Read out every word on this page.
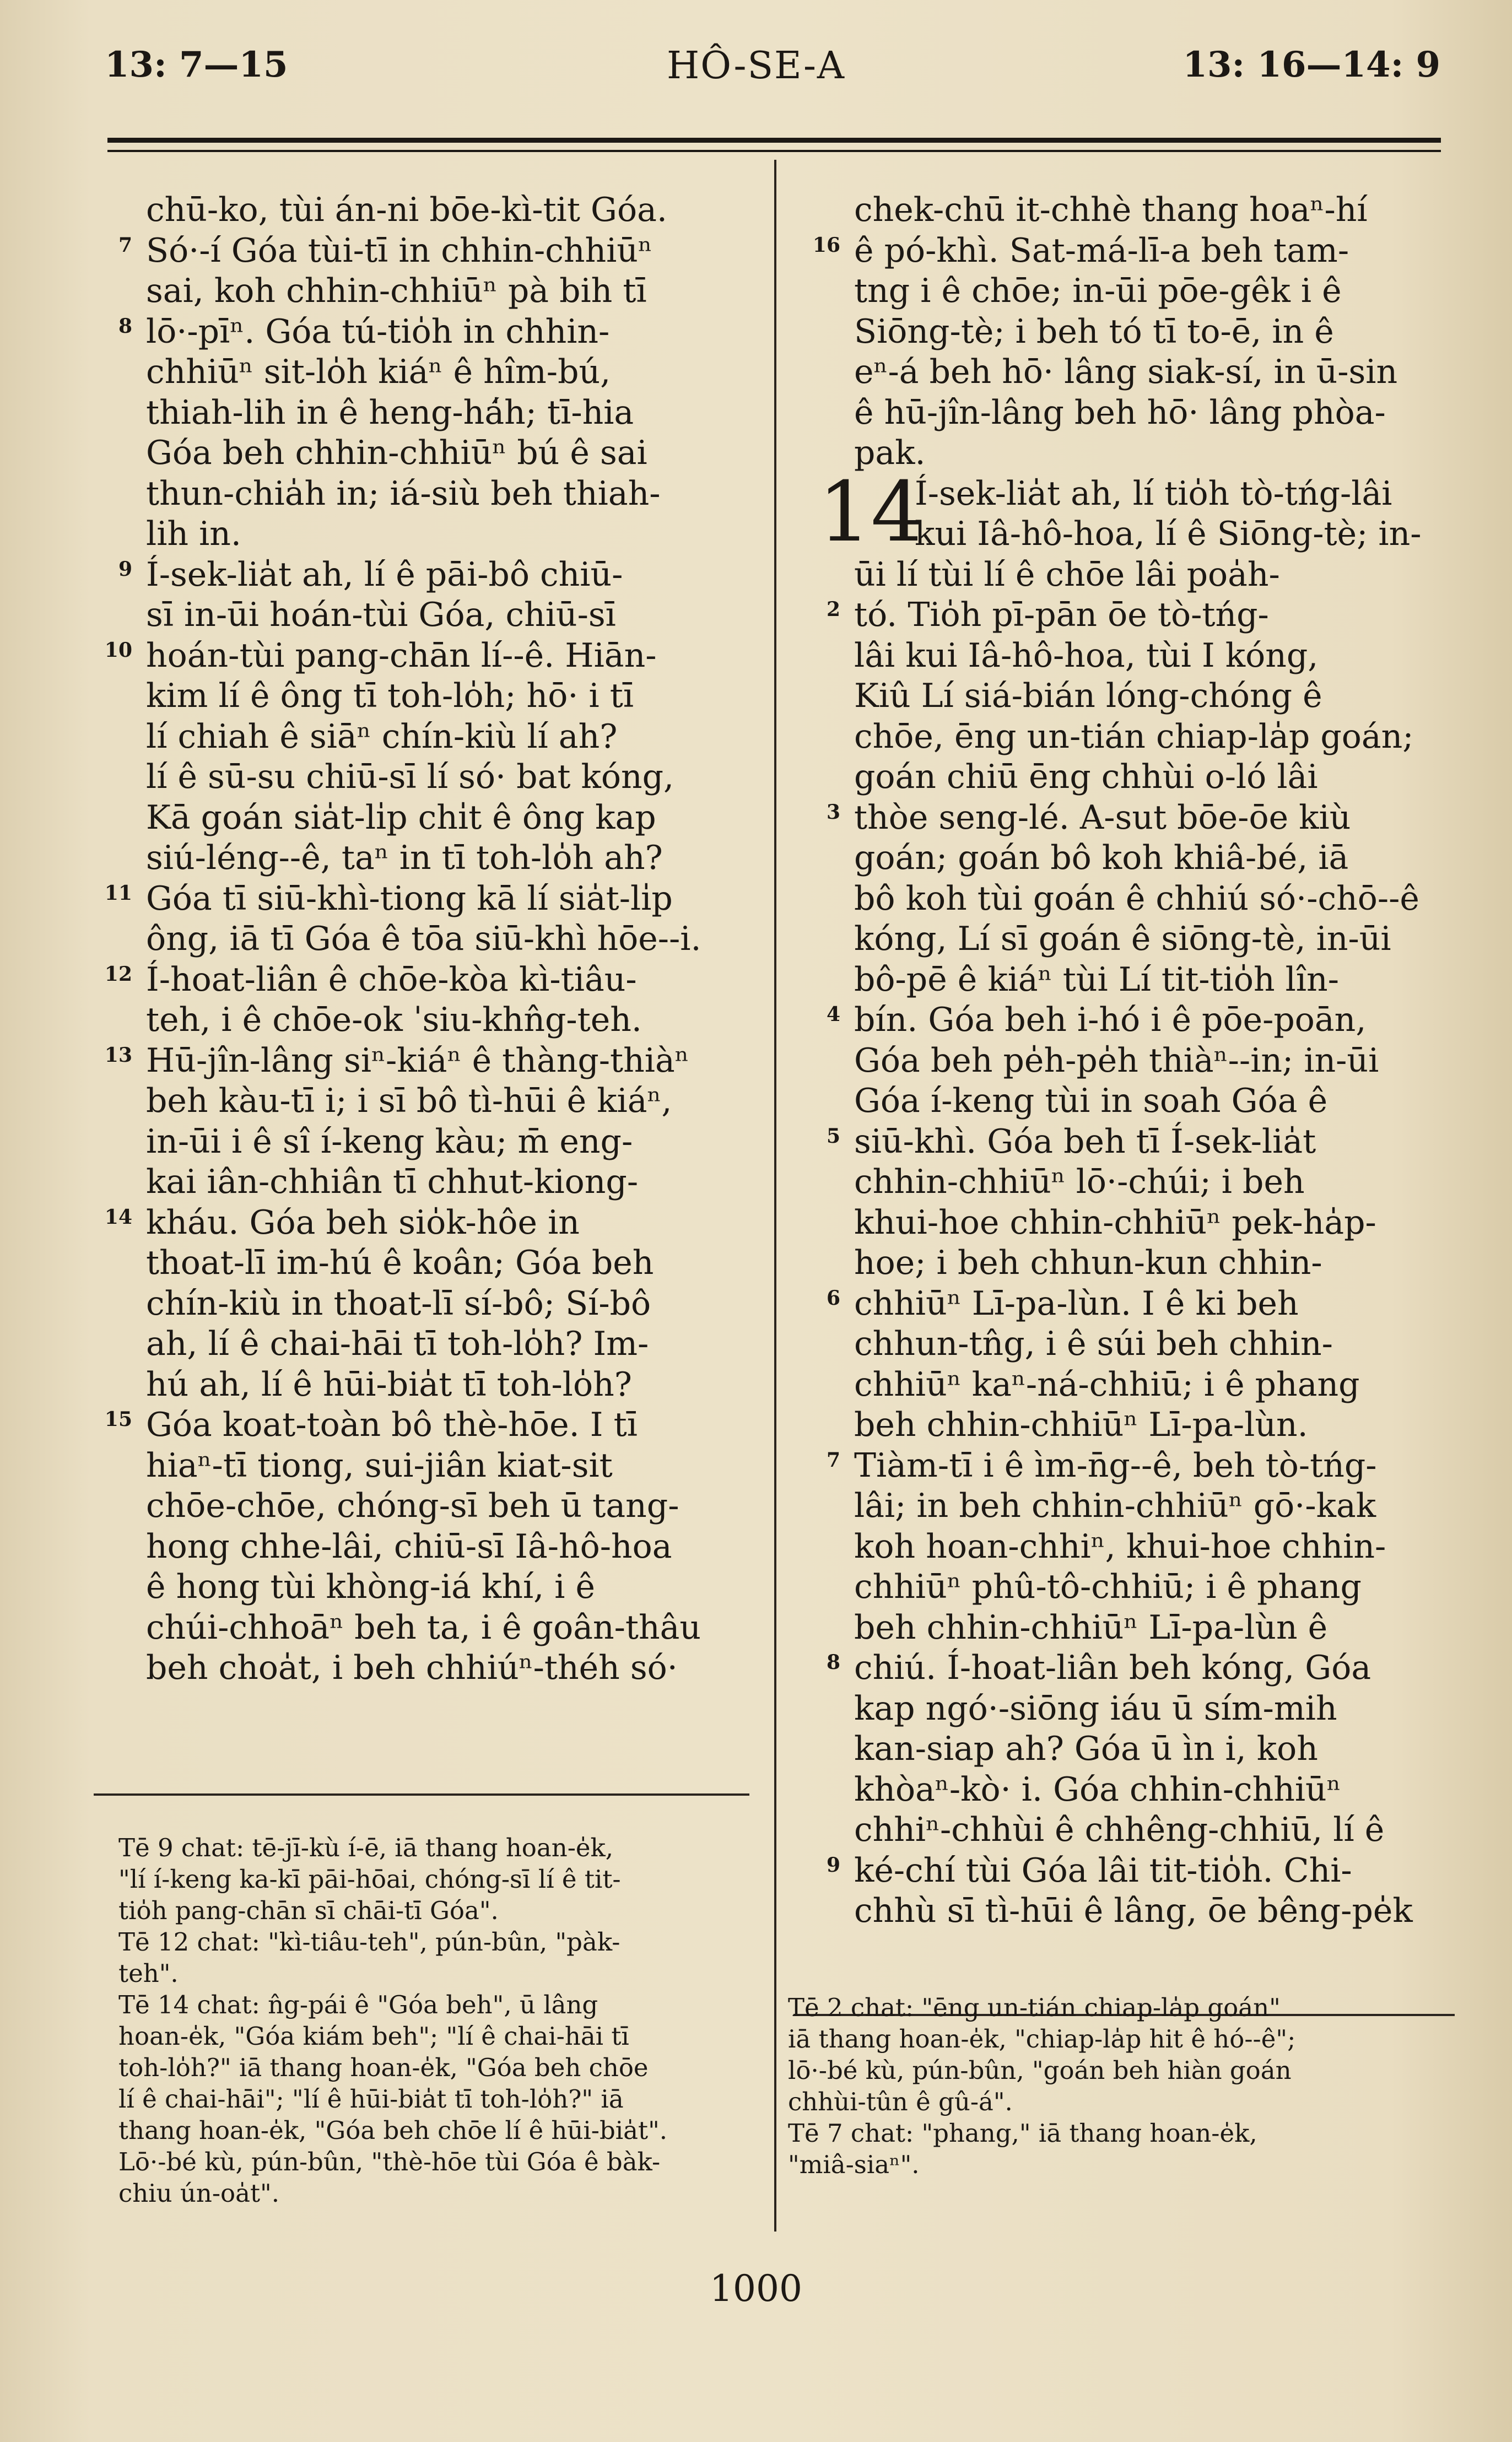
13: 7—15	HÔ-SE-A	13: 16—14: 9
chū-ko, tùi án-ni bōe-kì-tit Góa.
7 Só·-í Góa tùi-tī in chhin-chhiūⁿ
sai, koh chhin-chhiūⁿ pà bih tī
8 lō·-pīⁿ. Góa tú-tio̍h in chhin-
chhiūⁿ sit-lo̍h kiáⁿ ê hîm-bú,
thiah-lih in ê heng-há̍h; tī-hia
Góa beh chhin-chhiūⁿ bú ê sai
thun-chia̍h in; iá-siù beh thiah-
lih in.
9 Í-sek-lia̍t ah, lí ê pāi-bô chiū-
sī in-ūi hoán-tùi Góa, chiū-sī
10 hoán-tùi pang-chān lí--ê. Hiān-
kim lí ê ông tī toh-lo̍h; hō· i tī
lí chiah ê siāⁿ chín-kiù lí ah?
lí ê sū-su chiū-sī lí só· bat kóng,
Kā goán sia̍t-li̍p chi̍t ê ông kap
siú-léng--ê, taⁿ in tī toh-lo̍h ah?
11 Góa tī siū-khì-tiong kā lí sia̍t-li̍p
ông, iā tī Góa ê tōa siū-khì hōe--i.
12 Í-hoat-liân ê chōe-kòa kì-tiâu-
teh, i ê chōe-ok ˈsiu-khn̂g-teh.
13 Hū-jîn-lâng siⁿ-kiáⁿ ê thàng-thiàⁿ
beh kàu-tī i; i sī bô tì-hūi ê kiáⁿ,
in-ūi i ê sî í-keng kàu; m̄ eng-
kai iân-chhiân tī chhut-kiong-
14 kháu. Góa beh sio̍k-hôe in
thoat-lī im-hú ê koân; Góa beh
chín-kiù in thoat-lī sí-bô; Sí-bô
ah, lí ê chai-hāi tī toh-lo̍h? Im-
hú ah, lí ê hūi-bia̍t tī toh-lo̍h?
15 Góa koat-toàn bô thè-hōe. I tī
hiaⁿ-tī tiong, sui-jiân kiat-sit
chōe-chōe, chóng-sī beh ū tang-
hong chhe-lâi, chiū-sī Iâ-hô-hoa
ê hong tùi khòng-iá khí, i ê
chúi-chhoāⁿ beh ta, i ê goân-thâu
beh choa̍t, i beh chhiúⁿ-théh só·
chek-chū it-chhè thang hoaⁿ-hí
16 ê pó-khì. Sat-má-lī-a beh tam-
tng i ê chōe; in-ūi pōe-gêk i ê
Siōng-tè; i beh tó tī to-ē, in ê
eⁿ-á beh hō· lâng siak-sí, in ū-sin
ê hū-jîn-lâng beh hō· lâng phòa-
pak.
14
Í-sek-lia̍t ah, lí tio̍h tò-tńg-lâi
kui Iâ-hô-hoa, lí ê Siōng-tè; in-
ūi lí tùi lí ê chōe lâi poa̍h-
2 tó. Tio̍h pī-pān ōe tò-tńg-
lâi kui Iâ-hô-hoa, tùi I kóng,
Kiû Lí siá-bián lóng-chóng ê
chōe, ēng un-tián chiap-la̍p goán;
goán chiū ēng chhùi o-ló lâi
3 thòe seng-lé. A-sut bōe-ōe kiù
goán; goán bô koh khiâ-bé, iā
bô koh tùi goán ê chhiú só·-chō--ê
kóng, Lí sī goán ê siōng-tè, in-ūi
bô-pē ê kiáⁿ tùi Lí tit-tio̍h lîn-
4 bín. Góa beh i-hó i ê pōe-poān,
Góa beh pe̍h-pe̍h thiàⁿ--in; in-ūi
Góa í-keng tùi in soah Góa ê
5 siū-khì. Góa beh tī Í-sek-lia̍t
chhin-chhiūⁿ lō·-chúi; i beh
khui-hoe chhin-chhiūⁿ pek-ha̍p-
hoe; i beh chhun-kun chhin-
6 chhiūⁿ Lī-pa-lùn. I ê ki beh
chhun-tn̂g, i ê súi beh chhin-
chhiūⁿ kaⁿ-ná-chhiū; i ê phang
beh chhin-chhiūⁿ Lī-pa-lùn.
7 Tiàm-tī i ê ìm-n̄g--ê, beh tò-tńg-
lâi; in beh chhin-chhiūⁿ gō·-kak
koh hoan-chhiⁿ, khui-hoe chhin-
chhiūⁿ phû-tô-chhiū; i ê phang
beh chhin-chhiūⁿ Lī-pa-lùn ê
8 chiú. Í-hoat-liân beh kóng, Góa
kap ngó·-siōng iáu ū sím-mih
kan-siap ah? Góa ū ìn i, koh
khòaⁿ-kò· i. Góa chhin-chhiūⁿ
chhiⁿ-chhùi ê chhêng-chhiū, lí ê
9 ké-chí tùi Góa lâi tit-tio̍h. Chi-
chhù sī tì-hūi ê lâng, ōe bêng-pe̍k
Tē 9 chat: tē-jī-kù í-ē, iā thang hoan-e̍k,
"lí í-keng ka-kī pāi-hōai, chóng-sī lí ê tit-
tio̍h pang-chān sī chāi-tī Góa".
Tē 12 chat: "kì-tiâu-teh", pún-bûn, "pàk-
teh".
Tē 14 chat: n̂g-pái ê "Góa beh", ū lâng
hoan-e̍k, "Góa kiám beh"; "lí ê chai-hāi tī
toh-lo̍h?" iā thang hoan-e̍k, "Góa beh chōe
lí ê chai-hāi"; "lí ê hūi-bia̍t tī toh-lo̍h?" iā
thang hoan-e̍k, "Góa beh chōe lí ê hūi-bia̍t".
Lō·-bé kù, pún-bûn, "thè-hōe tùi Góa ê bàk-
chiu ún-oa̍t".
Tē 2 chat: "ēng un-tián chiap-la̍p goán"
iā thang hoan-e̍k, "chiap-la̍p hit ê hó--ê";
lō·-bé kù, pún-bûn, "goán beh hiàn goán
chhùi-tûn ê gû-á".
Tē 7 chat: "phang," iā thang hoan-e̍k,
"miâ-siaⁿ".
1000
